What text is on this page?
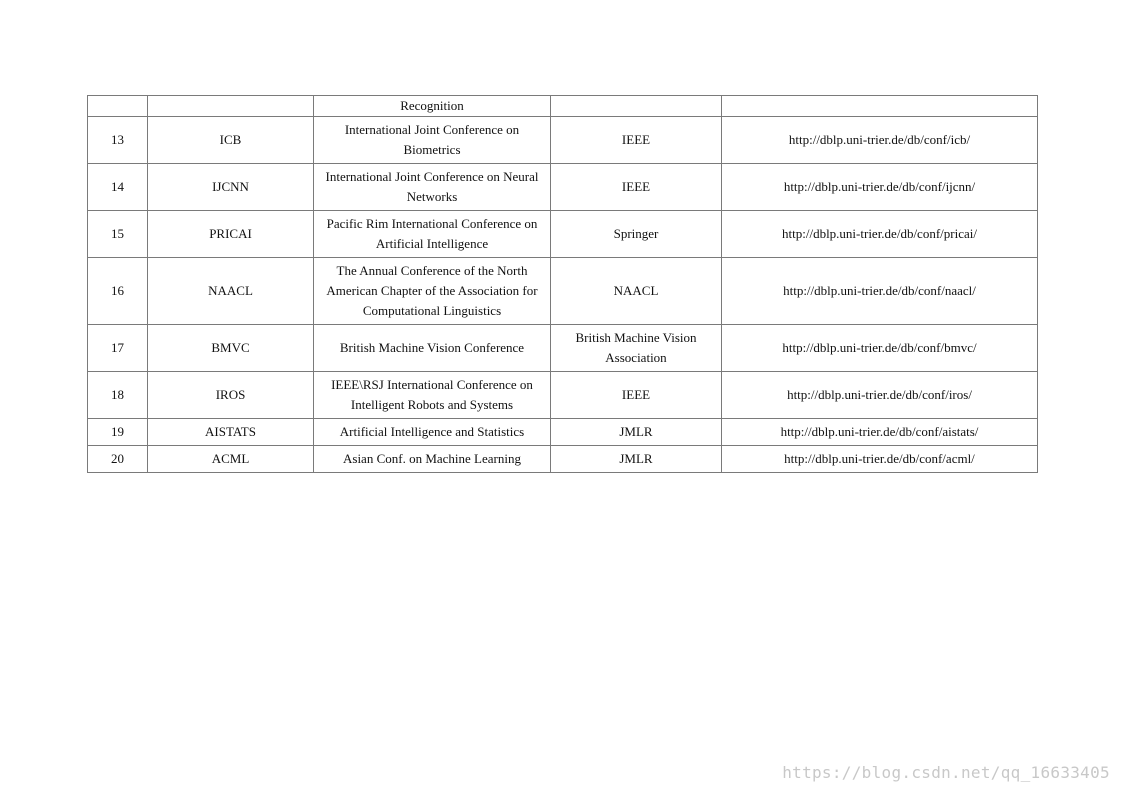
		Recognition		
13	ICB	International Joint Conference on Biometrics	IEEE	http://dblp.uni-trier.de/db/conf/icb/
14	IJCNN	International Joint Conference on Neural Networks	IEEE	http://dblp.uni-trier.de/db/conf/ijcnn/
15	PRICAI	Pacific Rim International Conference on Artificial Intelligence	Springer	http://dblp.uni-trier.de/db/conf/pricai/
16	NAACL	The Annual Conference of the North American Chapter of the Association for Computational Linguistics	NAACL	http://dblp.uni-trier.de/db/conf/naacl/
17	BMVC	British Machine Vision Conference	British Machine Vision Association	http://dblp.uni-trier.de/db/conf/bmvc/
18	IROS	IEEE\RSJ International Conference on Intelligent Robots and Systems	IEEE	http://dblp.uni-trier.de/db/conf/iros/
19	AISTATS	Artificial Intelligence and Statistics	JMLR	http://dblp.uni-trier.de/db/conf/aistats/
20	ACML	Asian Conf. on Machine Learning	JMLR	http://dblp.uni-trier.de/db/conf/acml/
https://blog.csdn.net/qq_16633405
